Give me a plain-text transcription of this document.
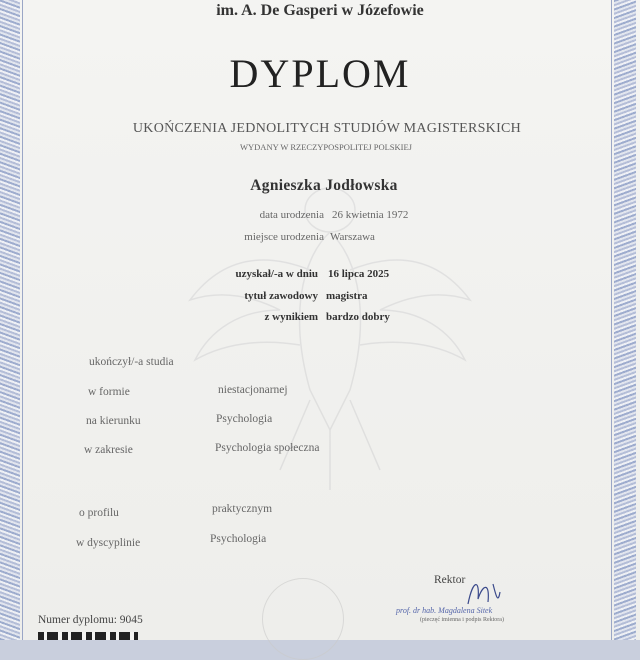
im. A. De Gasperi w Józefowie
DYPLOM
UKOŃCZENIA JEDNOLITYCH STUDIÓW MAGISTERSKICH
WYDANY W RZECZYPOSPOLITEJ POLSKIEJ
Agnieszka Jodłowska
data urodzenia 26 kwietnia 1972
miejsce urodzenia Warszawa
uzyskał/-a w dniu 16 lipca 2025
tytuł zawodowy magistra
z wynikiem bardzo dobry
ukończył/-a studia
w formie	niestacjonarnej
na kierunku	Psychologia
w zakresie	Psychologia społeczna
o profilu	praktycznym
w dyscyplinie	Psychologia
Rektor
prof. dr hab. Magdalena Sitek
(pieczęć imienna i podpis Rektora)
Numer dyplomu: 9045
